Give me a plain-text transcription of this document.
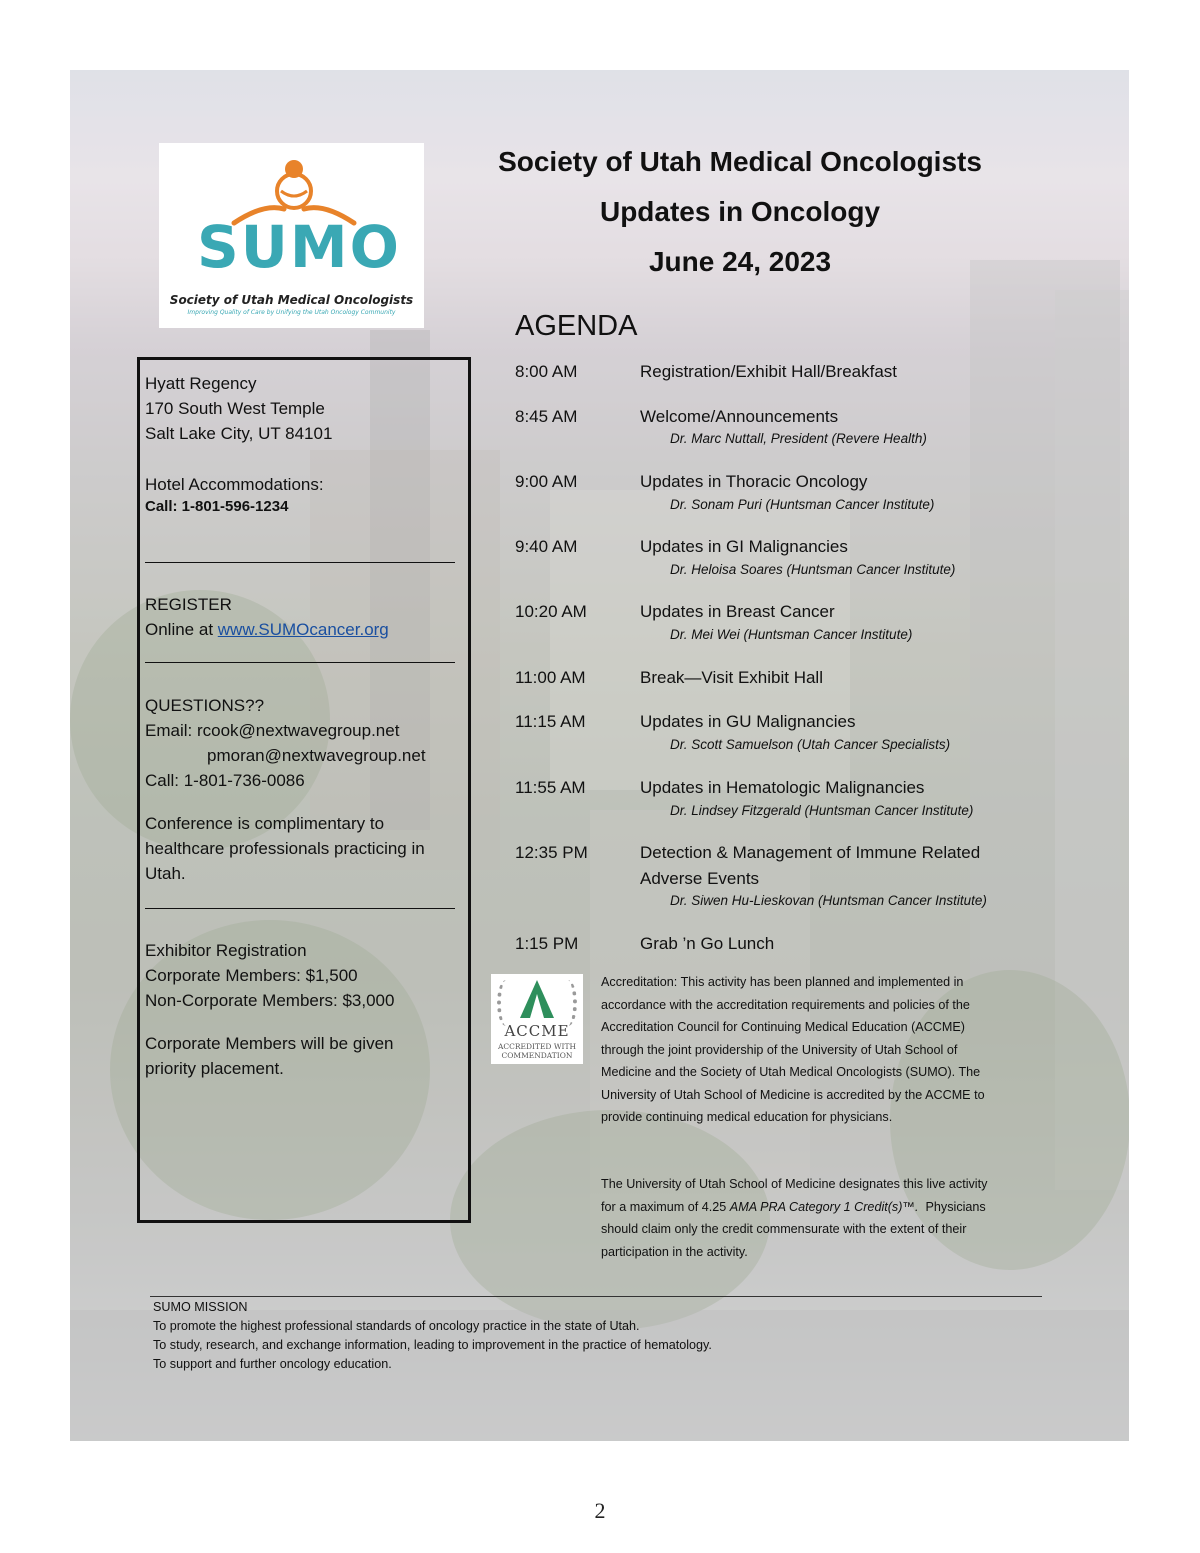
SUMO
Society of Utah Medical Oncologists
Improving Quality of Care by Unifying the Utah Oncology Community
Society of Utah Medical Oncologists
Updates in Oncology
June 24, 2023
Hyatt Regency
170 South West Temple
Salt Lake City, UT 84101
Hotel Accommodations:
Call: 1-801-596-1234
REGISTER
Online at www.SUMOcancer.org
QUESTIONS??
Email: rcook@nextwavegroup.net
pmoran@nextwavegroup.net
Call: 1-801-736-0086
Conference is complimentary to
healthcare professionals practicing in
Utah.
Exhibitor Registration
Corporate Members: $1,500
Non-Corporate Members: $3,000
Corporate Members will be given
priority placement.
AGENDA
8:00 AM	Registration/Exhibit Hall/Breakfast
8:45 AM	Welcome/Announcements
Dr. Marc Nuttall, President (Revere Health)
9:00 AM	Updates in Thoracic Oncology
Dr. Sonam Puri (Huntsman Cancer Institute)
9:40 AM	Updates in GI Malignancies
Dr. Heloisa Soares (Huntsman Cancer Institute)
10:20 AM	Updates in Breast Cancer
Dr. Mei Wei (Huntsman Cancer Institute)
11:00 AM	Break—Visit Exhibit Hall
11:15 AM	Updates in GU Malignancies
Dr. Scott Samuelson (Utah Cancer Specialists)
11:55 AM	Updates in Hematologic Malignancies
Dr. Lindsey Fitzgerald (Huntsman Cancer Institute)
12:35 PM	Detection & Management of Immune Related
Adverse Events
Dr. Siwen Hu-Lieskovan (Huntsman Cancer Institute)
1:15 PM	Grab ’n Go Lunch
ACCME
ACCREDITED WITH
COMMENDATION
Accreditation: This activity has been planned and implemented in
accordance with the accreditation requirements and policies of the
Accreditation Council for Continuing Medical Education (ACCME)
through the joint providership of the University of Utah School of
Medicine and the Society of Utah Medical Oncologists (SUMO). The
University of Utah School of Medicine is accredited by the ACCME to
provide continuing medical education for physicians.
The University of Utah School of Medicine designates this live activity
for a maximum of 4.25 AMA PRA Category 1 Credit(s)™.  Physicians
should claim only the credit commensurate with the extent of their
participation in the activity.
SUMO MISSION
To promote the highest professional standards of oncology practice in the state of Utah.
To study, research, and exchange information, leading to improvement in the practice of hematology.
To support and further oncology education.
2
